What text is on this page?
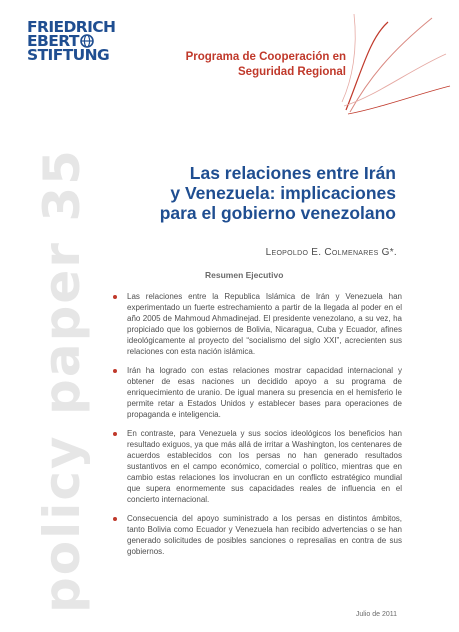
FRIEDRICH
EBERT
STIFTUNG	Programa de Cooperación en
Seguridad Regional
policy paper 35	Las relaciones entre Irán
y Venezuela: implicaciones
para el gobierno venezolano
Leopoldo E. Colmenares G*.
Resumen Ejecutivo
Las relaciones entre la Republica Islámica de Irán y Venezuela han experimentado un fuerte estrechamiento a partir de la llegada al poder en el año 2005 de Mahmoud Ahmadinejad. El presidente venezolano, a su vez, ha propiciado que los gobiernos de Bolivia, Nicaragua, Cuba y Ecuador, afines ideológicamente al proyecto del “socialismo del siglo XXI”, acrecienten sus relaciones con esta nación islámica.
Irán ha logrado con estas relaciones mostrar capacidad internacional y obtener de esas naciones un decidido apoyo a su programa de enriquecimiento de uranio. De igual manera su presencia en el hemisferio le permite retar a Estados Unidos y establecer bases para operaciones de propaganda e inteligencia.
En contraste, para Venezuela y sus socios ideológicos los beneficios han resultado exiguos, ya que más allá de irritar a Washington, los centenares de acuerdos establecidos con los persas no han generado resultados sustantivos en el campo económico, comercial o político, mientras que en cambio estas relaciones los involucran en un conflicto estratégico mundial que supera enormemente sus capacidades reales de influencia en el concierto internacional.
Consecuencia del apoyo suministrado a los persas en distintos ámbitos, tanto Bolivia como Ecuador y Venezuela han recibido advertencias o se han generado solicitudes de posibles sanciones o represalias en contra de sus gobiernos.
Julio de 2011
